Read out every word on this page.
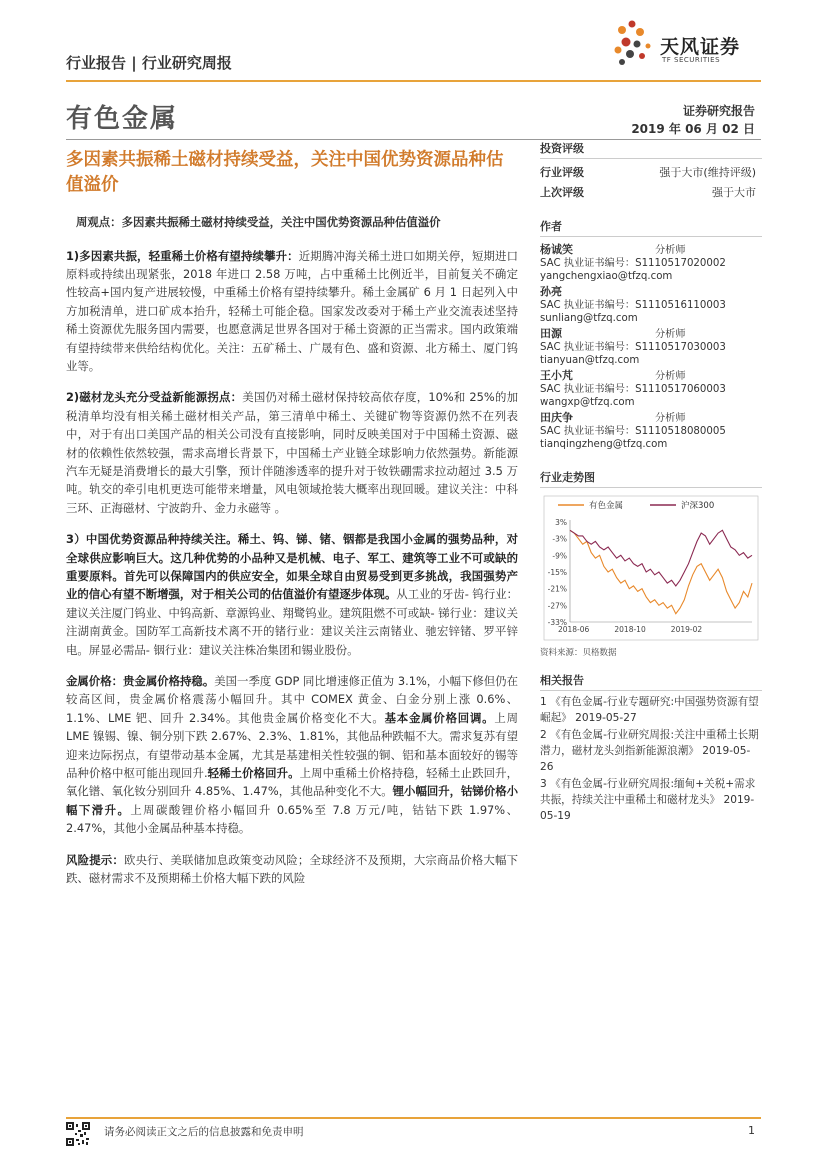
行业报告 | 行业研究周报
天风证券
TF SECURITIES
有色金属	证券研究报告
2019 年 06 月 02 日
多因素共振稀土磁材持续受益，关注中国优势资源品种估值溢价

周观点：多因素共振稀土磁材持续受益，关注中国优势资源品种估值溢价

1)多因素共振，轻重稀土价格有望持续攀升：近期腾冲海关稀土进口如期关停，短期进口原料或持续出现紧张，2018 年进口 2.58 万吨，占中重稀土比例近半，目前复关不确定性较高+国内复产进展较慢，中重稀土价格有望持续攀升。稀土金属矿 6 月 1 日起列入中方加税清单，进口矿成本抬升，轻稀土可能企稳。国家发改委对于稀土产业交流表述坚持稀土资源优先服务国内需要，也愿意满足世界各国对于稀土资源的正当需求。国内政策端有望持续带来供给结构优化。关注：五矿稀土、广晟有色、盛和资源、北方稀土、厦门钨业等。

2)磁材龙头充分受益新能源拐点：美国仍对稀土磁材保持较高依存度，10%和 25%的加税清单均没有相关稀土磁材相关产品，第三清单中稀土、关键矿物等资源仍然不在列表中，对于有出口美国产品的相关公司没有直接影响，同时反映美国对于中国稀土资源、磁材的依赖性依然较强，需求高增长背景下，中国稀土产业链全球影响力依然强势。新能源汽车无疑是消费增长的最大引擎，预计伴随渗透率的提升对于钕铁硼需求拉动超过 3.5 万吨。轨交的牵引电机更迭可能带来增量，风电领域抢装大概率出现回暖。建议关注：中科三环、正海磁材、宁波韵升、金力永磁等 。

3）中国优势资源品种持续关注。稀土、钨、锑、锗、铟都是我国小金属的强势品种，对全球供应影响巨大。这几种优势的小品种又是机械、电子、军工、建筑等工业不可或缺的重要原料。首先可以保障国内的供应安全，如果全球自由贸易受到更多挑战，我国强势产业的信心有望不断增强，对于相关公司的估值溢价有望逐步体现。从工业的牙齿- 钨行业：建议关注厦门钨业、中钨高新、章源钨业、翔鹭钨业。建筑阻燃不可或缺- 锑行业：建议关注湖南黄金。国防军工高新技术离不开的锗行业：建议关注云南锗业、驰宏锌锗、罗平锌电。屏显必需品- 铟行业：建议关注株冶集团和锡业股份。

金属价格：贵金属价格持稳。美国一季度 GDP 同比增速修正值为 3.1%，小幅下修但仍在较高区间，贵金属价格震荡小幅回升。其中 COMEX 黄金、白金分别上涨 0.6%、1.1%、LME 钯、回升 2.34%。其他贵金属价格变化不大。基本金属价格回调。上周 LME 镍锡、镍、铜分别下跌 2.67%、2.3%、1.81%，其他品种跌幅不大。需求复苏有望迎来边际拐点，有望带动基本金属，尤其是基建相关性较强的铜、铝和基本面较好的锡等品种价格中枢可能出现回升.轻稀土价格回升。上周中重稀土价格持稳，轻稀土止跌回升，氧化镨、氧化钕分别回升 4.85%、1.47%，其他品种变化不大。锂小幅回升，钴锑价格小幅下滑升。上周碳酸锂价格小幅回升 0.65%至 7.8 万元/吨，钴钴下跌 1.97%、2.47%，其他小金属品种基本持稳。

风险提示：欧央行、美联储加息政策变动风险；全球经济不及预期，大宗商品价格大幅下跌、磁材需求不及预期稀土价格大幅下跌的风险

投资评级
行业评级	强于大市(维持评级)
上次评级	强于大市
作者
杨诚笑	分析师
SAC 执业证书编号：S1110517020002
yangchengxiao@tfzq.com
孙亮
SAC 执业证书编号：S1110516110003
sunliang@tfzq.com
田源	分析师
SAC 执业证书编号：S1110517030003
tianyuan@tfzq.com
王小芃	分析师
SAC 执业证书编号：S1110517060003
wangxp@tfzq.com
田庆争	分析师
SAC 执业证书编号：S1110518080005
tianqingzheng@tfzq.com
行业走势图
有色金属	沪深300
3%
-3%
-9%
-15%
-21%
-27%
-33%
2018-06	2018-10	2019-02
资料来源：贝格数据
相关报告

1 《有色金属-行业专题研究:中国强势资源有望崛起》 2019-05-27

2 《有色金属-行业研究周报:关注中重稀土长期潜力，磁材龙头剑指新能源浪潮》 2019-05-26

3 《有色金属-行业研究周报:缅甸+关税+需求共振，持续关注中重稀土和磁材龙头》 2019-05-19

请务必阅读正文之后的信息披露和免责申明	1
